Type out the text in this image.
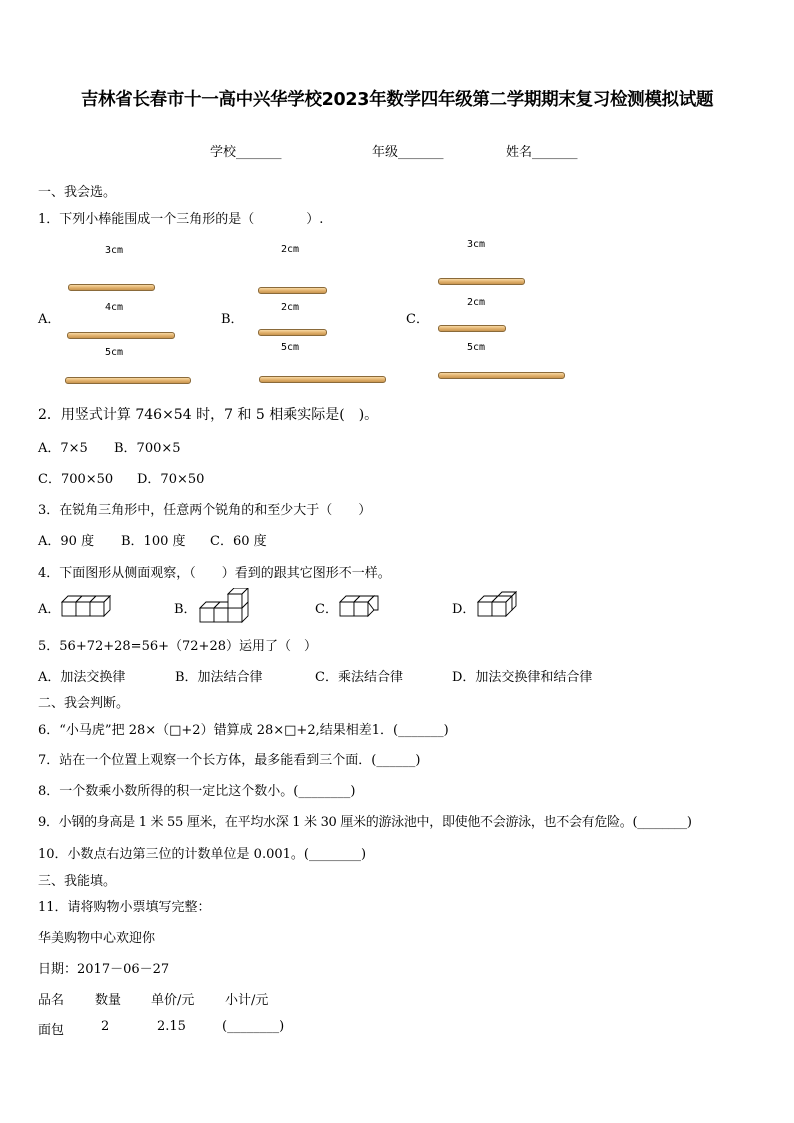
吉林省长春市十一高中兴华学校2023年数学四年级第二学期期末复习检测模拟试题
学校_______	年级_______	姓名_______
一、我会选。
1．下列小棒能围成一个三角形的是（　　　　）.
A．
3cm
4cm
5cm
B．
2cm
2cm
5cm
C．
3cm
2cm
5cm
2．用竖式计算 746×54 时，7 和 5 相乘实际是(　)。
A．7×5 B．700×5
C．700×50 D．70×50
3．在锐角三角形中，任意两个锐角的和至少大于（　　）
A．90 度 B．100 度 C．60 度
4．下面图形从侧面观察，（　　）看到的跟其它图形不一样。
A．	B．	C．	D．
5．56+72+28=56+（72+28）运用了（　）
A．加法交换律	B．加法结合律	C．乘法结合律	D．加法交换律和结合律
二、我会判断。
6．“小马虎”把 28×（□+2）错算成 28×□+2,结果相差1．(_______)
7．站在一个位置上观察一个长方体，最多能看到三个面．(______)
8．一个数乘小数所得的积一定比这个数小。(________)
9．小钢的身高是 1 米 55 厘米，在平均水深 1 米 30 厘米的游泳池中，即使他不会游泳，也不会有危险。(________)
10．小数点右边第三位的计数单位是 0.001。(________)
三、我能填。
11．请将购物小票填写完整：
华美购物中心欢迎你
日期：2017－06－27
品名 数量 单价/元 小计/元
面包	2	2.15	(________)
